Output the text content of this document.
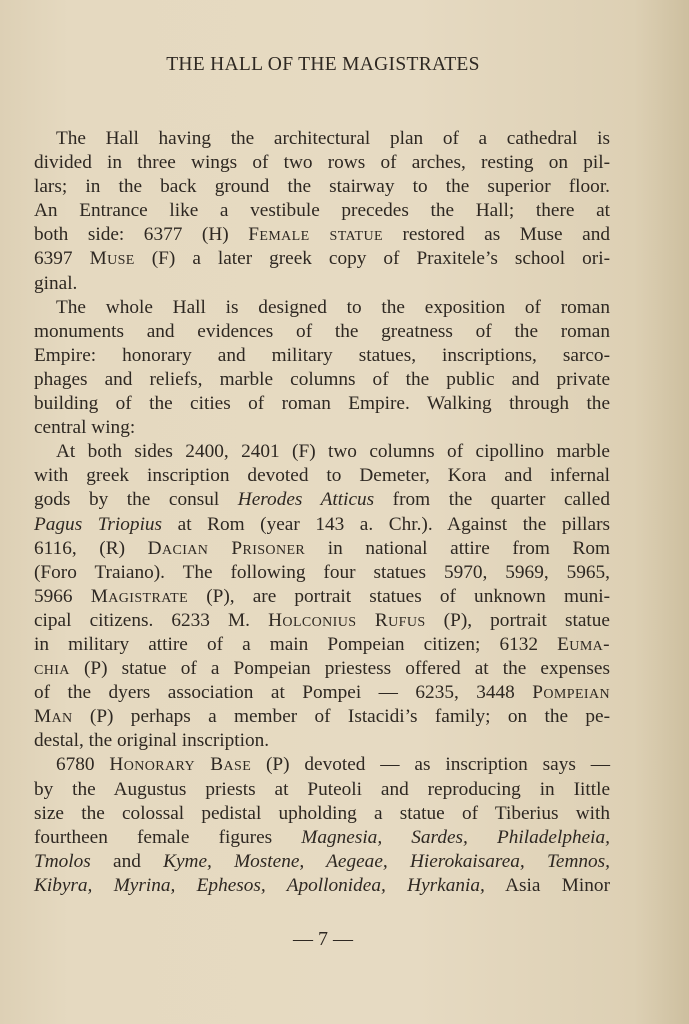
THE HALL OF THE MAGISTRATES
The Hall having the architectural plan of a cathedral is
divided in three wings of two rows of arches, resting on pil-
lars; in the back ground the stairway to the superior floor.
An Entrance like a vestibule precedes the Hall; there at
both side: 6377 (H) Female statue restored as Muse and
6397 Muse (F) a later greek copy of Praxitele’s school ori-
ginal.
The whole Hall is designed to the exposition of roman
monuments and evidences of the greatness of the roman
Empire: honorary and military statues, inscriptions, sarco-
phages and reliefs, marble columns of the public and private
building of the cities of roman Empire. Walking through the
central wing:
At both sides 2400, 2401 (F) two columns of cipollino marble
with greek inscription devoted to Demeter, Kora and infernal
gods by the consul Herodes Atticus from the quarter called
Pagus Triopius at Rom (year 143 a. Chr.). Against the pillars
6116, (R) Dacian Prisoner in national attire from Rom
(Foro Traiano). The following four statues 5970, 5969, 5965,
5966 Magistrate (P), are portrait statues of unknown muni-
cipal citizens. 6233 M. Holconius Rufus (P), portrait statue
in military attire of a main Pompeian citizen; 6132 Euma-
chia (P) statue of a Pompeian priestess offered at the expenses
of the dyers association at Pompei — 6235, 3448 Pompeian
Man (P) perhaps a member of Istacidi’s family; on the pe-
destal, the original inscription.
6780 Honorary Base (P) devoted — as inscription says —
by the Augustus priests at Puteoli and reproducing in Iittle
size the colossal pedistal upholding a statue of Tiberius with
fourtheen female figures Magnesia, Sardes, Philadelpheia,
Tmolos and Kyme, Mostene, Aegeae, Hierokaisarea, Temnos,
Kibyra, Myrina, Ephesos, Apollonidea, Hyrkania, Asia Minor
— 7 —
